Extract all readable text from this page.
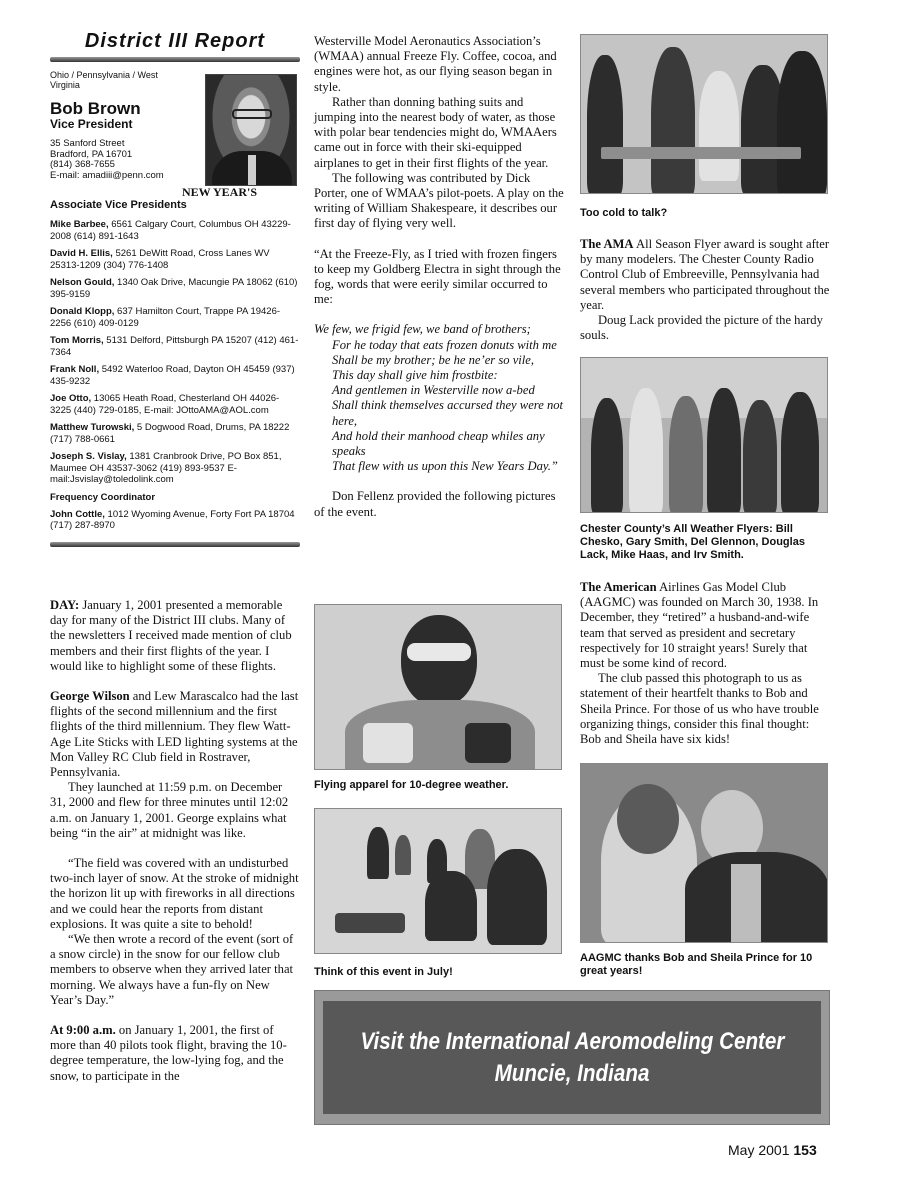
District III Report
Ohio / Pennsylvania / West Virginia
Bob Brown
Vice President
35 Sanford Street
Bradford, PA 16701
(814) 368-7655
E-mail: amadiii@penn.com
NEW YEAR'S
Associate Vice Presidents
Mike Barbee, 6561 Calgary Court, Columbus OH 43229-2008 (614) 891-1643
David H. Ellis, 5261 DeWitt Road, Cross Lanes WV 25313-1209 (304) 776-1408
Nelson Gould, 1340 Oak Drive, Macungie PA 18062 (610) 395-9159
Donald Klopp, 637 Hamilton Court, Trappe PA 19426-2256 (610) 409-0129
Tom Morris, 5131 Delford, Pittsburgh PA 15207 (412) 461-7364
Frank Noll, 5492 Waterloo Road, Dayton OH 45459 (937) 435-9232
Joe Otto, 13065 Heath Road, Chesterland OH 44026-3225 (440) 729-0185, E-mail: JOttoAMA@AOL.com
Matthew Turowski, 5 Dogwood Road, Drums, PA 18222 (717) 788-0661
Joseph S. Vislay, 1381 Cranbrook Drive, PO Box 851, Maumee OH 43537-3062 (419) 893-9537 E-mail:Jsvislay@toledolink.com
Frequency Coordinator
John Cottle, 1012 Wyoming Avenue, Forty Fort PA 18704 (717) 287-8970

DAY: January 1, 2001 presented a memorable day for many of the District III clubs. Many of the newsletters I received made mention of club members and their first flights of the year. I would like to highlight some of these flights.

George Wilson and Lew Marascalco had the last flights of the second millennium and the first flights of the third millennium. They flew Watt-Age Lite Sticks with LED lighting systems at the Mon Valley RC Club field in Rostraver, Pennsylvania.

They launched at 11:59 p.m. on December 31, 2000 and flew for three minutes until 12:02 a.m. on January 1, 2001. George explains what being “in the air” at midnight was like.

“The field was covered with an undisturbed two-inch layer of snow. At the stroke of midnight the horizon lit up with fireworks in all directions and we could hear the reports from distant explosions. It was quite a site to behold!

“We then wrote a record of the event (sort of a snow circle) in the snow for our fellow club members to observe when they arrived later that morning. We always have a fun-fly on New Year’s Day.”

At 9:00 a.m. on January 1, 2001, the first of more than 40 pilots took flight, braving the 10-degree temperature, the low-lying fog, and the snow, to participate in the

Westerville Model Aeronautics Association’s (WMAA) annual Freeze Fly. Coffee, cocoa, and engines were hot, as our flying season began in style.

Rather than donning bathing suits and jumping into the nearest body of water, as those with polar bear tendencies might do, WMAAers came out in force with their ski-equipped airplanes to get in their first flights of the year.

The following was contributed by Dick Porter, one of WMAA’s pilot-poets. A play on the writing of William Shakespeare, it describes our first day of flying very well.

“At the Freeze-Fly, as I tried with frozen fingers to keep my Goldberg Electra in sight through the fog, words that were eerily similar occurred to me:

We few, we frigid few, we band of brothers;

For he today that eats frozen donuts with me

Shall be my brother; be he ne’er so vile,

This day shall give him frostbite:

And gentlemen in Westerville now a-bed

Shall think themselves accursed they were not here,

And hold their manhood cheap whiles any speaks

That flew with us upon this New Years Day.”

Don Fellenz provided the following pictures of the event.

Flying apparel for 10-degree weather.
Think of this event in July!
Too cold to talk?

The AMA All Season Flyer award is sought after by many modelers. The Chester County Radio Control Club of Embreeville, Pennsylvania had several members who participated throughout the year.

Doug Lack provided the picture of the hardy souls.

Chester County’s All Weather Flyers: Bill Chesko, Gary Smith, Del Glennon, Douglas Lack, Mike Haas, and Irv Smith.

The American Airlines Gas Model Club (AAGMC) was founded on March 30, 1938. In December, they “retired” a husband-and-wife team that served as president and secretary respectively for 10 straight years! Surely that must be some kind of record.

The club passed this photograph to us as statement of their heartfelt thanks to Bob and Sheila Prince. For those of us who have trouble organizing things, consider this final thought: Bob and Sheila have six kids!

AAGMC thanks Bob and Sheila Prince for 10 great years!
Visit the International Aeromodeling Center
Muncie, Indiana
May 2001 153
